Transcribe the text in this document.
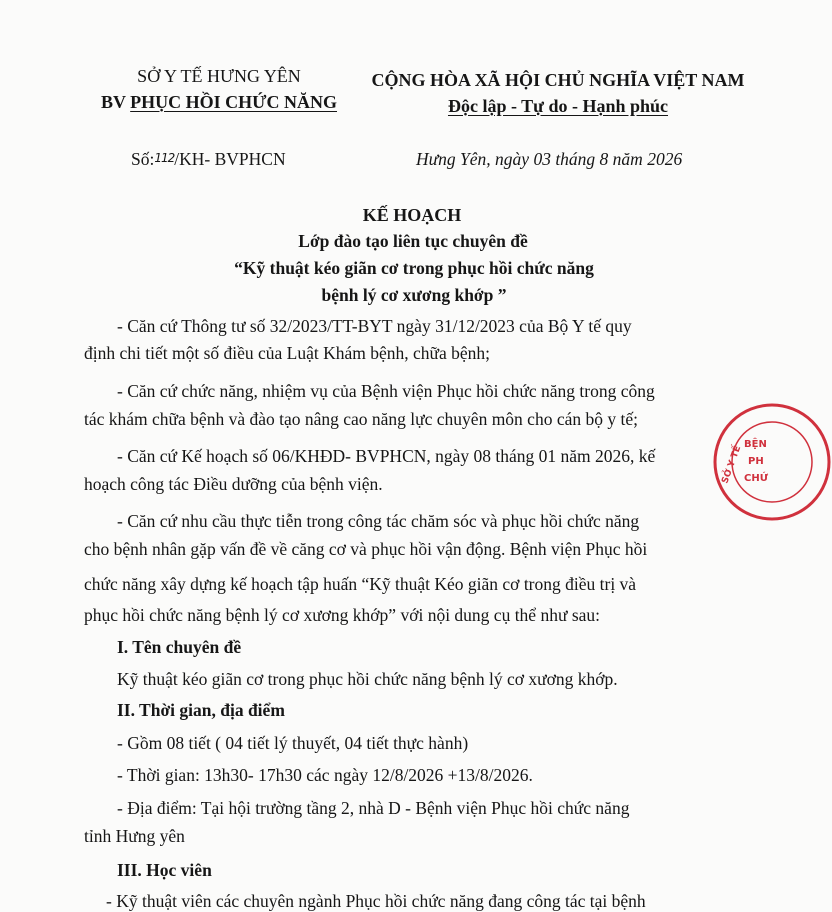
SỞ Y TẾ HƯNG YÊN
BV PHỤC HỒI CHỨC NĂNG
CỘNG HÒA XÃ HỘI CHỦ NGHĨA VIỆT NAM
Độc lập - Tự do - Hạnh phúc
Số:112/KH- BVPHCN	Hưng Yên, ngày 03 tháng 8 năm 2026
KẾ HOẠCH
Lớp đào tạo liên tục chuyên đề
“Kỹ thuật kéo giãn cơ trong phục hồi chức năng
bệnh lý cơ xương khớp ”
- Căn cứ Thông tư số 32/2023/TT-BYT ngày 31/12/2023 của Bộ Y tế quy
định chi tiết một số điều của Luật Khám bệnh, chữa bệnh;
- Căn cứ chức năng, nhiệm vụ của Bệnh viện Phục hồi chức năng trong công
tác khám chữa bệnh và đào tạo nâng cao năng lực chuyên môn cho cán bộ y tế;
- Căn cứ Kế hoạch số 06/KHĐD- BVPHCN, ngày 08 tháng 01 năm 2026, kế
hoạch công tác Điều dưỡng của bệnh viện.
- Căn cứ nhu cầu thực tiễn trong công tác chăm sóc và phục hồi chức năng
cho bệnh nhân gặp vấn đề về căng cơ và phục hồi vận động. Bệnh viện Phục hồi
chức năng xây dựng kế hoạch tập huấn “Kỹ thuật Kéo giãn cơ trong điều trị và
phục hồi chức năng bệnh lý cơ xương khớp” với nội dung cụ thể như sau:
I. Tên chuyên đề
Kỹ thuật kéo giãn cơ trong phục hồi chức năng bệnh lý cơ xương khớp.
II. Thời gian, địa điểm
- Gồm 08 tiết ( 04 tiết lý thuyết, 04 tiết thực hành)
- Thời gian: 13h30- 17h30 các ngày 12/8/2026 +13/8/2026.
- Địa điểm: Tại hội trường tầng 2, nhà D - Bệnh viện Phục hồi chức năng
tỉnh Hưng yên
III. Học viên
- Kỹ thuật viên các chuyên ngành Phục hồi chức năng đang công tác tại bệnh
SỞ Y TẾ
BỆN
PH
CHỨ
